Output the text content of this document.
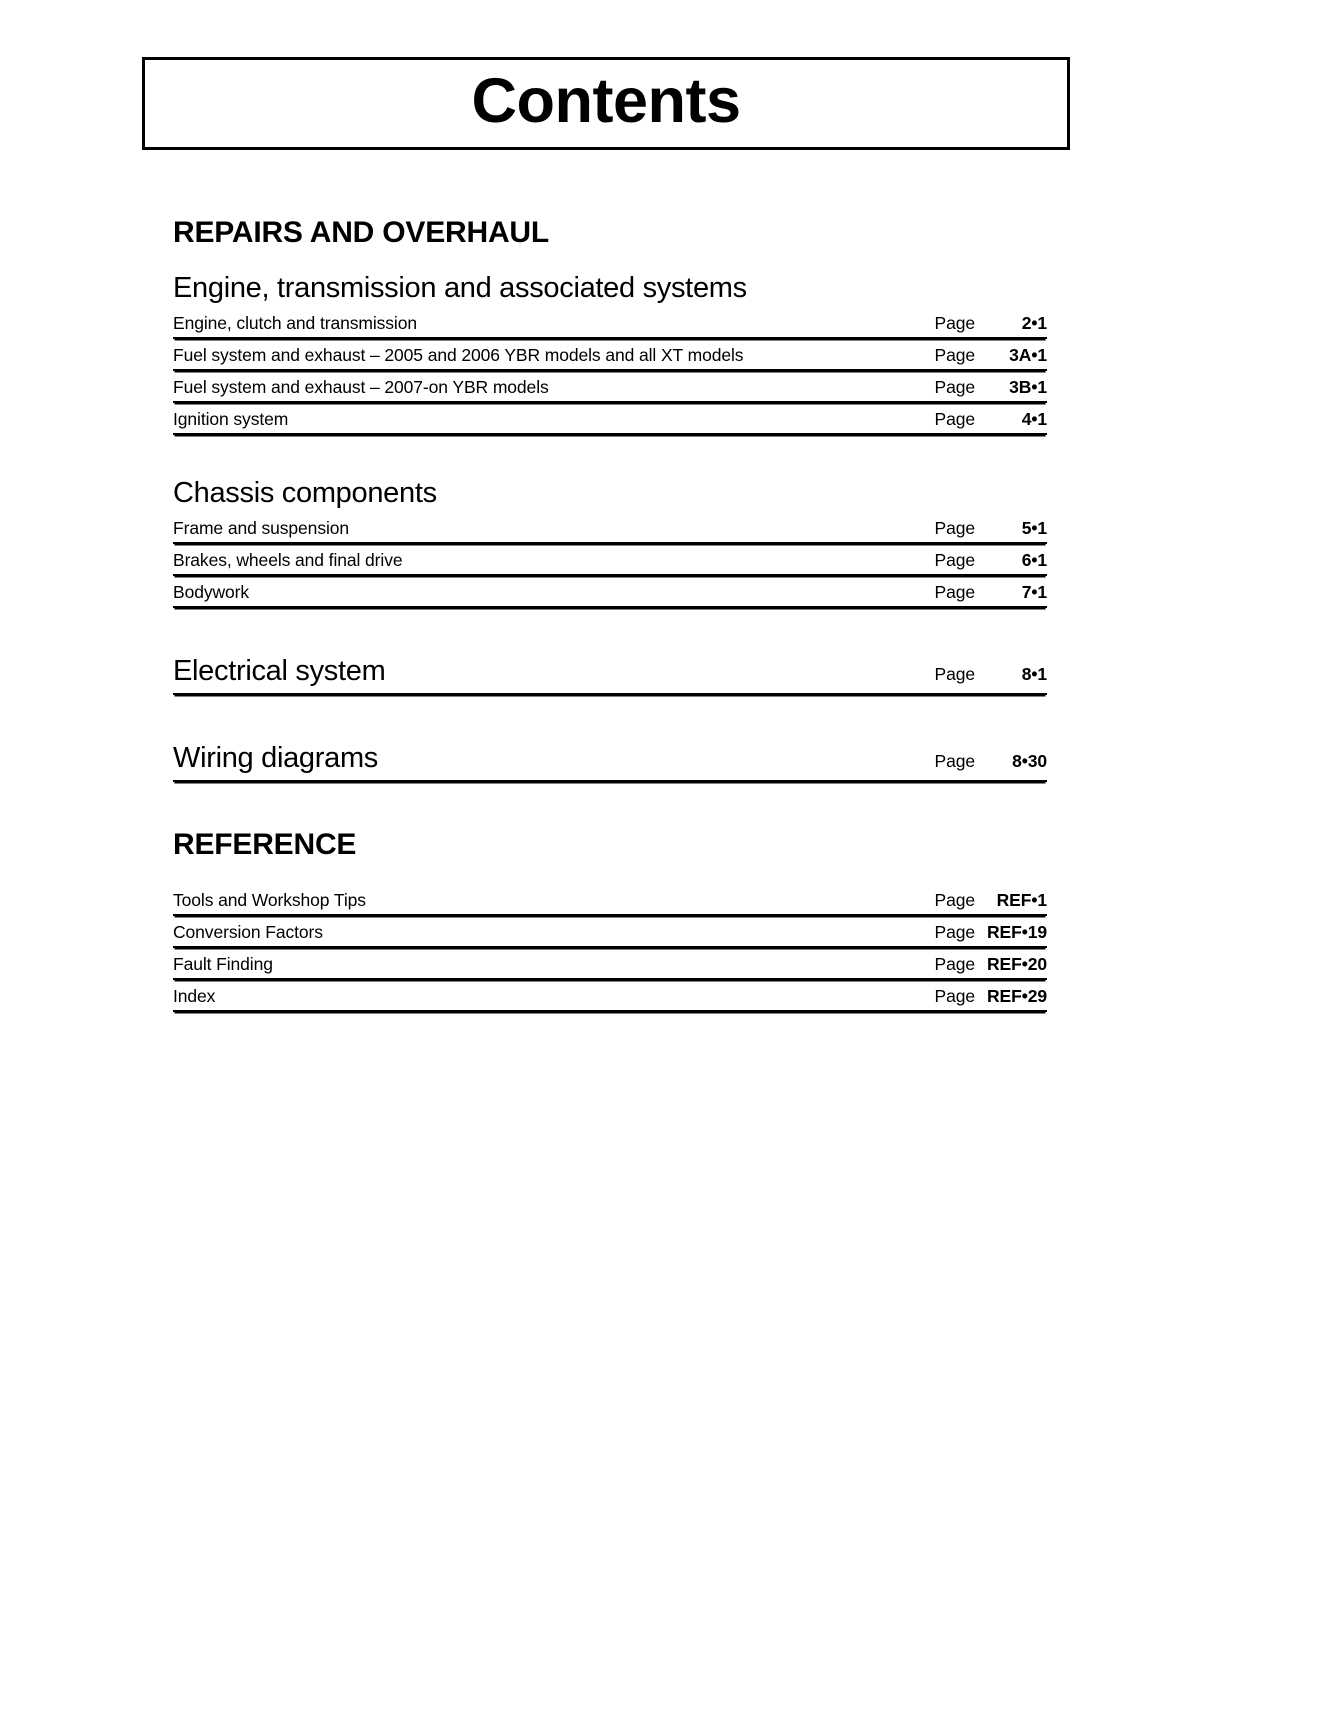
Contents
REPAIRS AND OVERHAUL
Engine, transmission and associated systems
Engine, clutch and transmission	Page	2•1
Fuel system and exhaust – 2005 and 2006 YBR models and all XT models	Page	3A•1
Fuel system and exhaust – 2007-on YBR models	Page	3B•1
Ignition system	Page	4•1
Chassis components
Frame and suspension	Page	5•1
Brakes, wheels and final drive	Page	6•1
Bodywork	Page	7•1
Electrical system	Page	8•1
Wiring diagrams	Page	8•30
REFERENCE
Tools and Workshop Tips	Page	REF•1
Conversion Factors	Page REF•19
Fault Finding	Page REF•20
Index	Page REF•29
